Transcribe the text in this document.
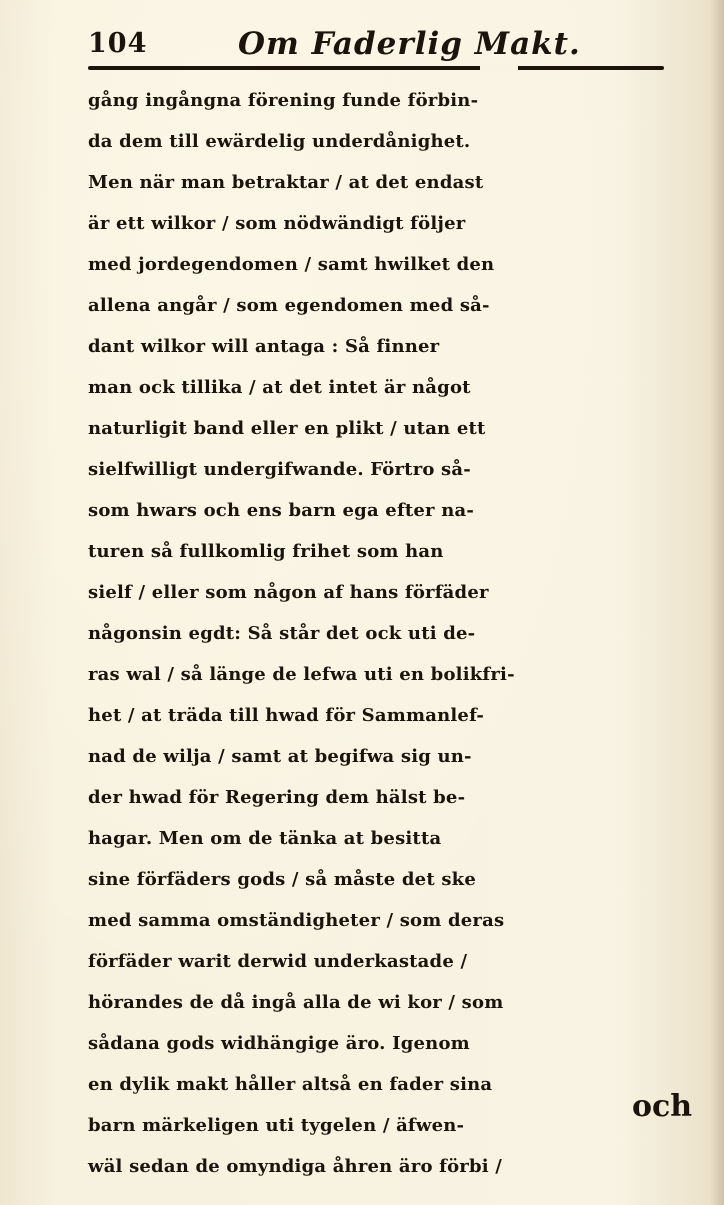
104	Om Faderlig Makt.
gång ingångna förening funde förbin-
da dem till ewärdelig underdånighet.
Men när man betraktar / at det endast
är ett wilkor / som nödwändigt följer
med jordegendomen / samt hwilket den
allena angår / som egendomen med så-
dant wilkor will antaga : Så finner
man ock tillika / at det intet är något
naturligit band eller en plikt / utan ett
sielfwilligt undergifwande. Förtro så-
som hwars och ens barn ega efter na-
turen så fullkomlig frihet som han
sielf / eller som någon af hans förfäder
någonsin egdt: Så står det ock uti de-
ras wal / så länge de lefwa uti en bolikfri-
het / at träda till hwad för Sammanlef-
nad de wilja / samt at begifwa sig un-
der hwad för Regering dem hälst be-
hagar. Men om de tänka at besitta
sine förfäders gods / så måste det ske
med samma omständigheter / som deras
förfäder warit derwid underkastade /
hörandes de då ingå alla de wi kor / som
sådana gods widhängige äro. Igenom
en dylik makt håller altså en fader sina
barn märkeligen uti tygelen / äfwen-
wäl sedan de omyndiga åhren äro förbi /
och
